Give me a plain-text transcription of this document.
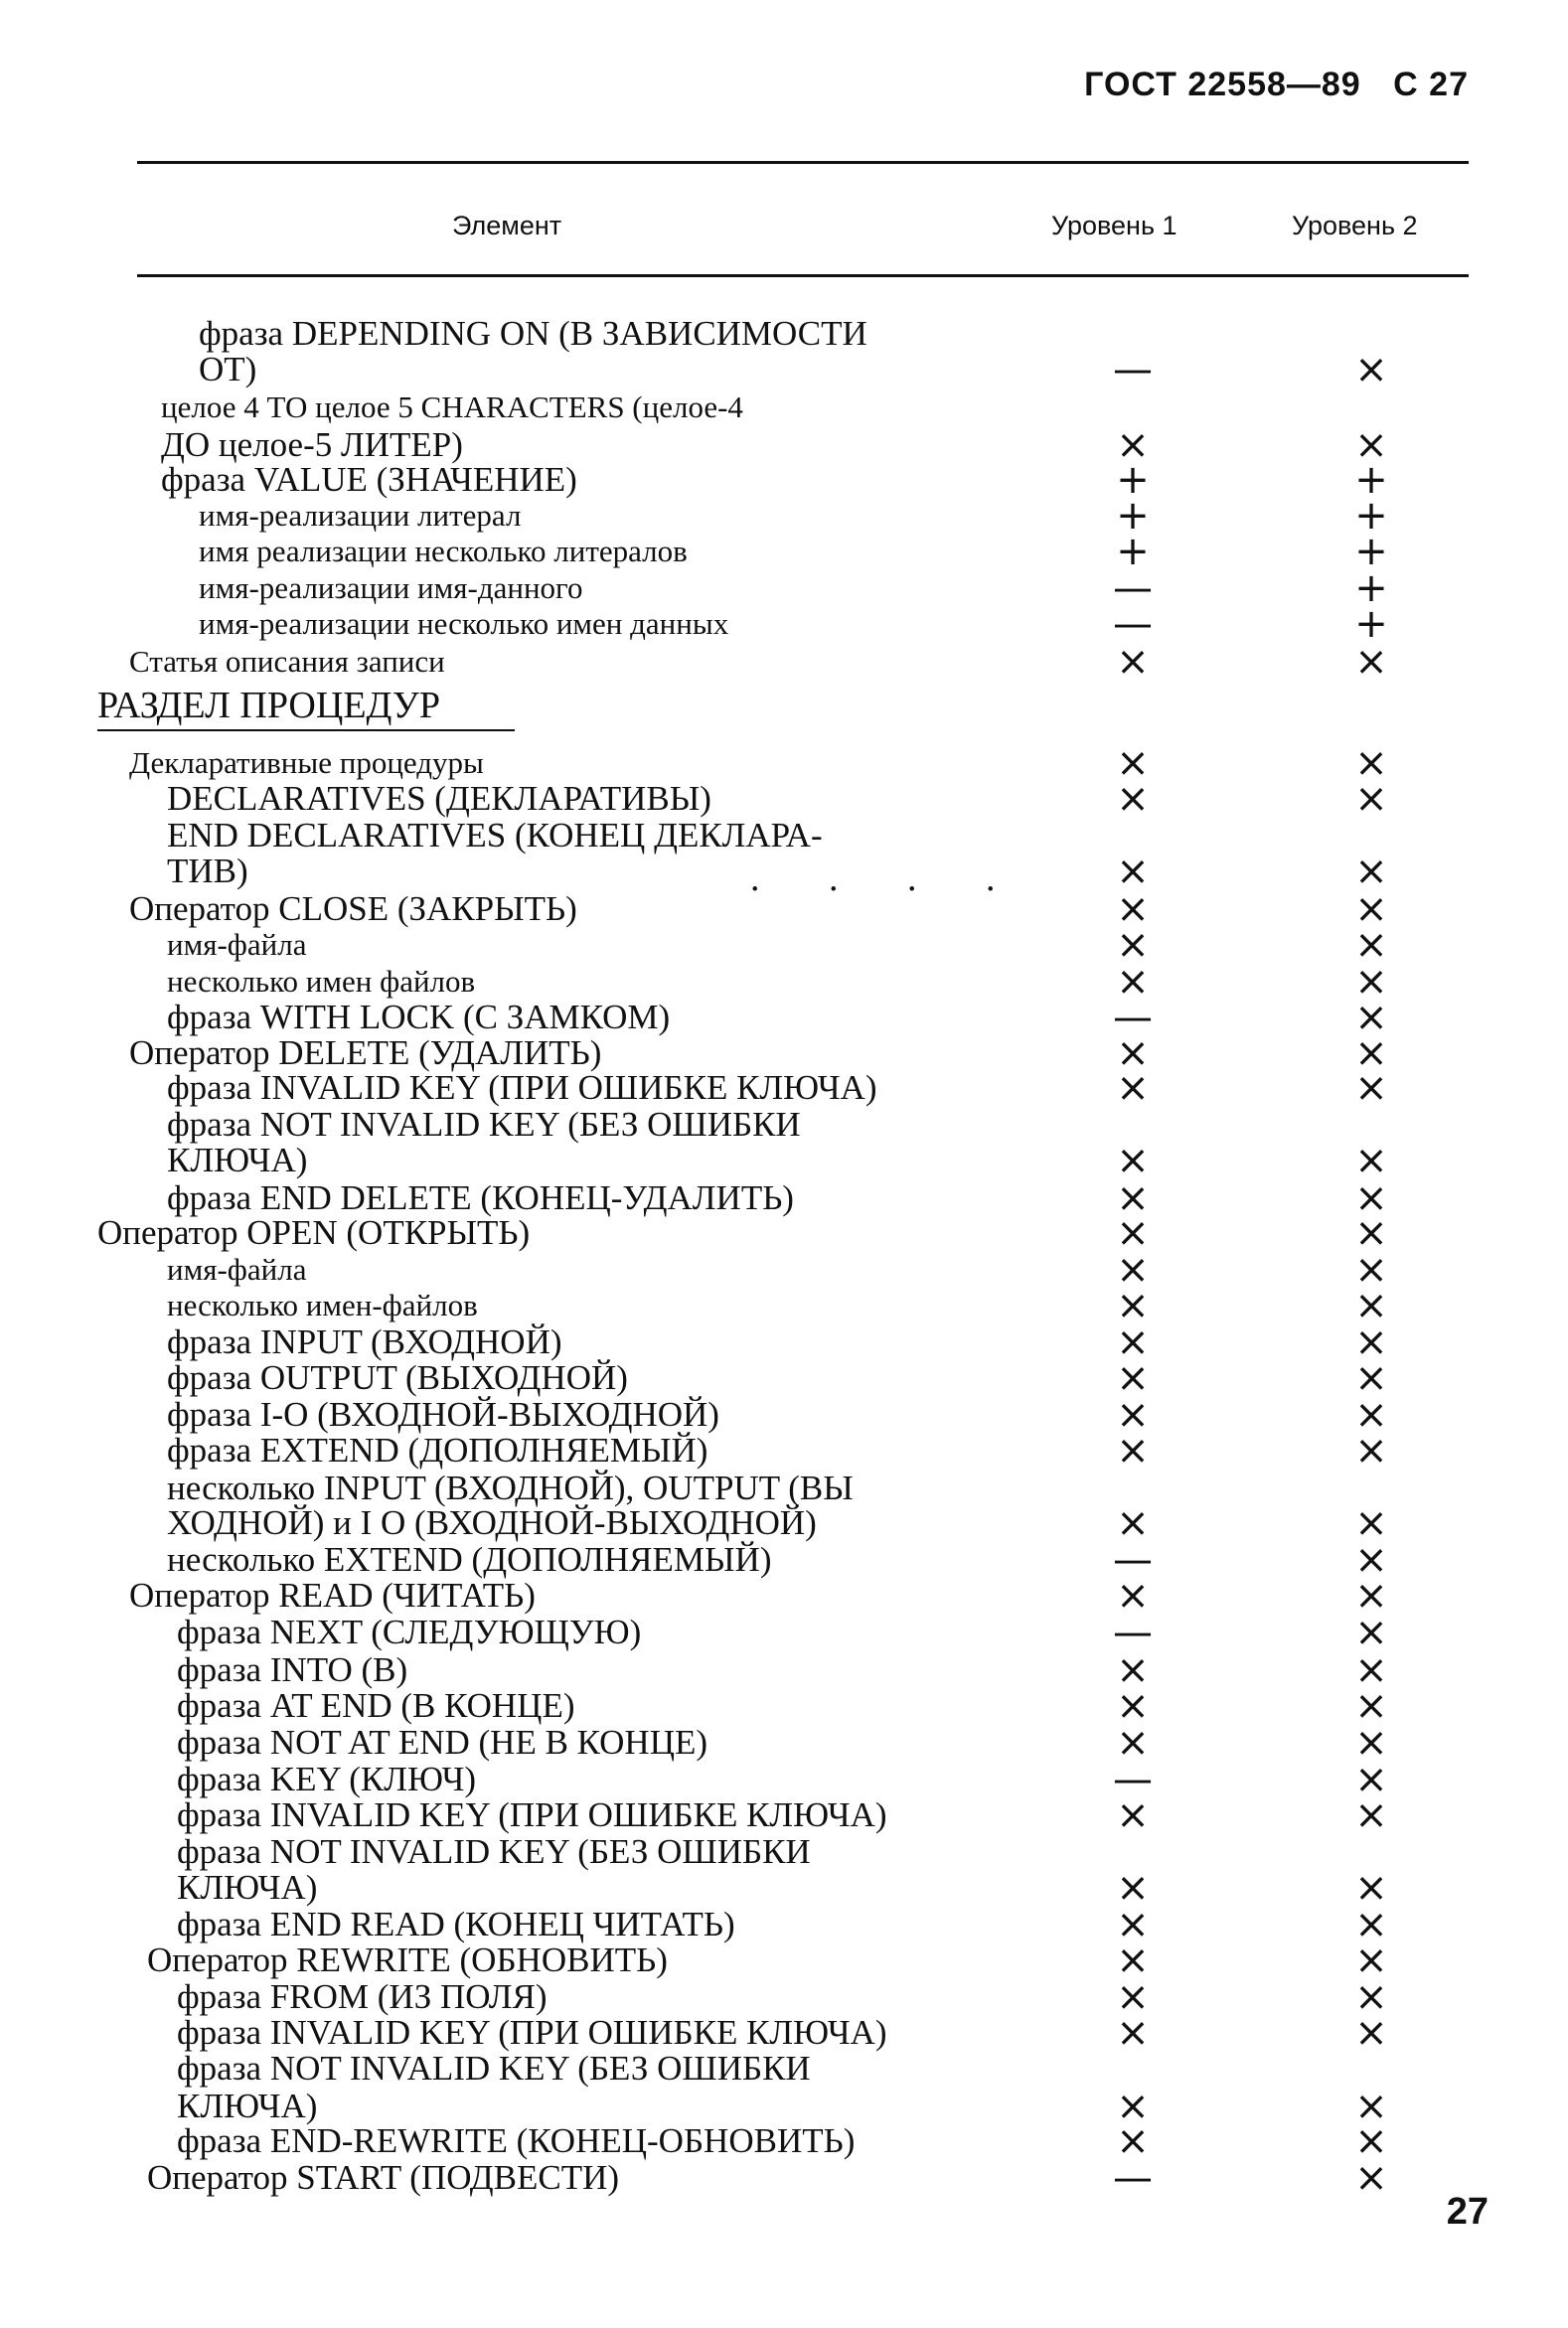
ГОСТ 22558—89 С 27
Элемент	Уровень 1	Уровень 2
РАЗДЕЛ ПРОЦЕДУР
фраза DEPENDING ON (В ЗАВИСИМОСТИ
ОТ)	—	×
целое 4 ТО целое 5 CHARACTERS (целое-4
ДО целое-5 ЛИТЕР)	×	×
фраза VALUE (ЗНАЧЕНИЕ)	+	+
имя-реализации литерал	+	+
имя реализации несколько литералов	+	+
имя-реализации имя-данного	—	+
имя-реализации несколько имен данных	—	+
Статья описания записи	×	×
Декларативные процедуры	×	×
DECLARATIVES (ДЕКЛАРАТИВЫ)	×	×
END DECLARATIVES (КОНЕЦ ДЕКЛАРА-
ТИВ)	×	×
Оператор CLOSE (ЗАКРЫТЬ)	×	×
имя-файла	×	×
несколько имен файлов	×	×
фраза WITH LOCK (С ЗАМКОМ)	—	×
Оператор DELETE (УДАЛИТЬ)	×	×
фраза INVALID KEY (ПРИ ОШИБКЕ КЛЮЧА)	×	×
фраза NOT INVALID KEY (БЕЗ ОШИБКИ
КЛЮЧА)	×	×
фраза END DELETE (КОНЕЦ-УДАЛИТЬ)	×	×
Оператор OPEN (ОТКРЫТЬ)	×	×
имя-файла	×	×
несколько имен-файлов	×	×
фраза INPUT (ВХОДНОЙ)	×	×
фраза OUTPUT (ВЫХОДНОЙ)	×	×
фраза I-O (ВХОДНОЙ-ВЫХОДНОЙ)	×	×
фраза EXTEND (ДОПОЛНЯЕМЫЙ)	×	×
несколько INPUT (ВХОДНОЙ), OUTPUT (ВЫ
ХОДНОЙ) и I O (ВХОДНОЙ-ВЫХОДНОЙ)	×	×
несколько EXTEND (ДОПОЛНЯЕМЫЙ)	—	×
Оператор READ (ЧИТАТЬ)	×	×
фраза NEXT (СЛЕДУЮЩУЮ)	—	×
фраза INTO (В)	×	×
фраза AT END (В КОНЦЕ)	×	×
фраза NOT AT END (НЕ В КОНЦЕ)	×	×
фраза KEY (КЛЮЧ)	—	×
фраза INVALID KEY (ПРИ ОШИБКЕ КЛЮЧА)	×	×
фраза NOT INVALID KEY (БЕЗ ОШИБКИ
КЛЮЧА)	×	×
фраза END READ (КОНЕЦ ЧИТАТЬ)	×	×
Оператор REWRITE (ОБНОВИТЬ)	×	×
фраза FROM (ИЗ ПОЛЯ)	×	×
фраза INVALID KEY (ПРИ ОШИБКЕ КЛЮЧА)	×	×
фраза NOT INVALID KEY (БЕЗ ОШИБКИ
КЛЮЧА)	×	×
фраза END-REWRITE (КОНЕЦ-ОБНОВИТЬ)	×	×
Оператор START (ПОДВЕСТИ)	—	×
. . . .
27
